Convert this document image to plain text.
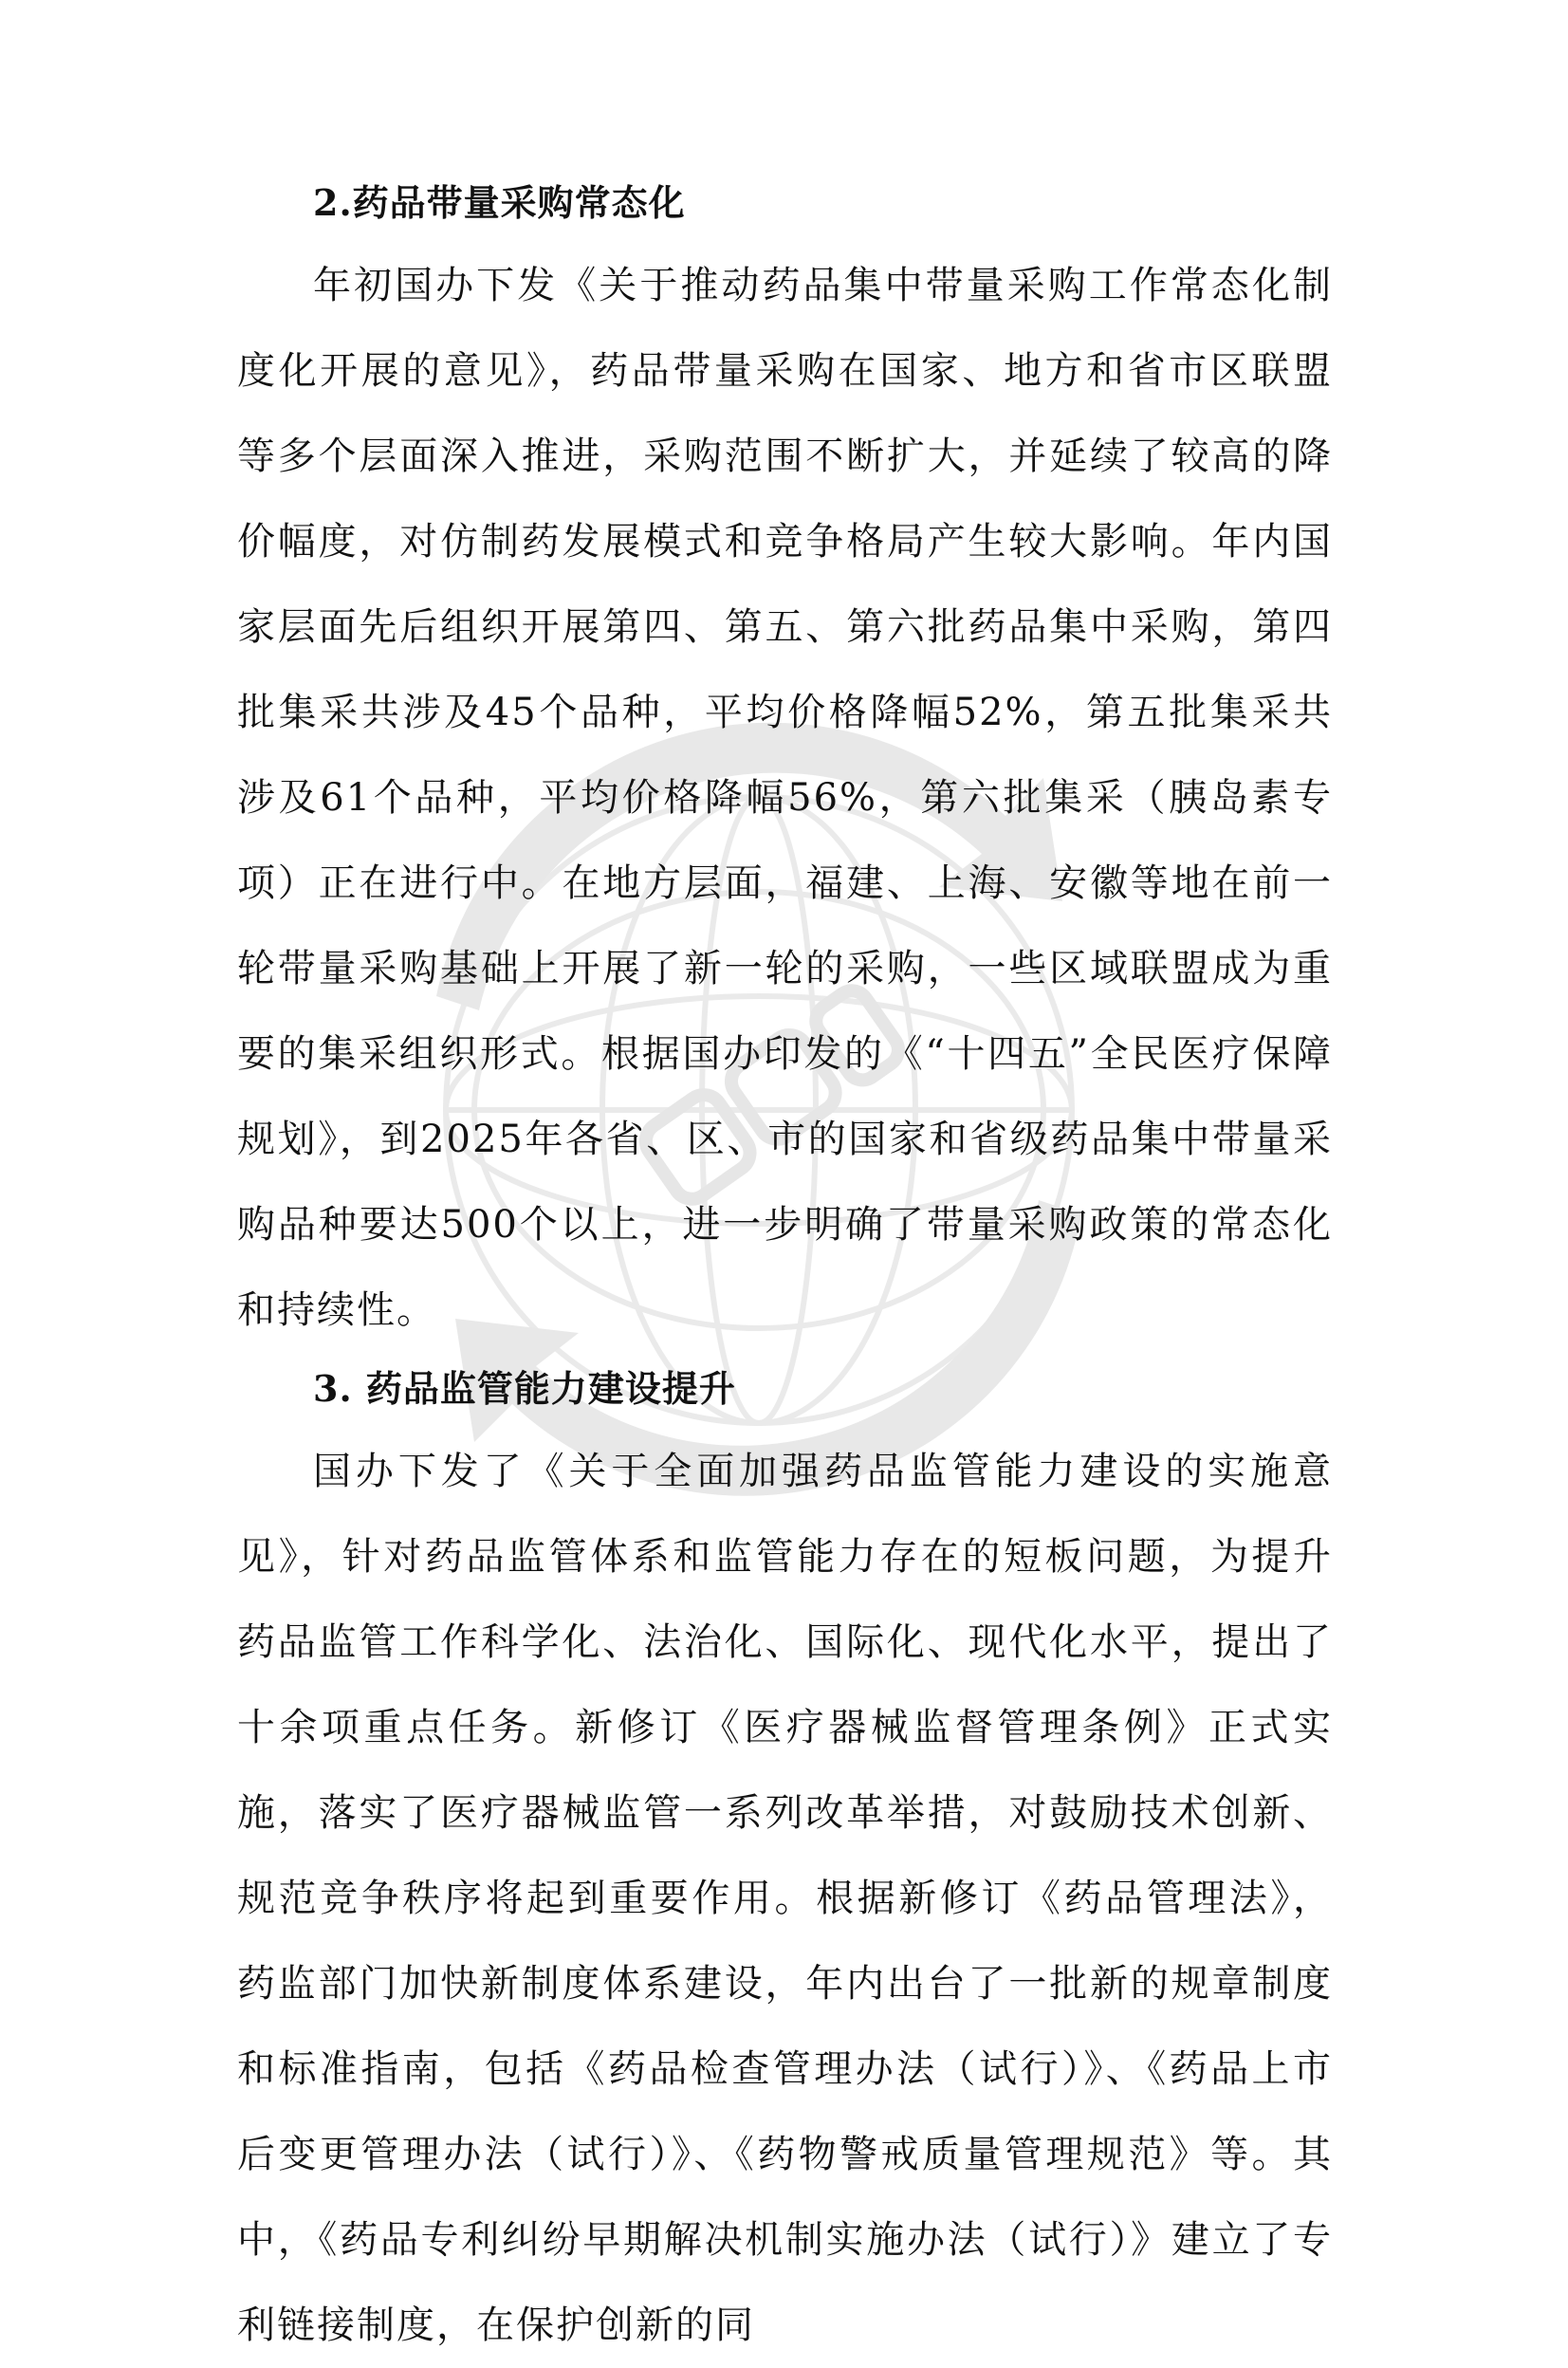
2.药品带量采购常态化

年初国办下发《关于推动药品集中带量采购工作常态化制度化开展的意见》，药品带量采购在国家、地方和省市区联盟等多个层面深入推进，采购范围不断扩大，并延续了较高的降价幅度，对仿制药发展模式和竞争格局产生较大影响。年内国家层面先后组织开展第四、第五、第六批药品集中采购，第四批集采共涉及45个品种，平均价格降幅52%，第五批集采共涉及61个品种，平均价格降幅56%，第六批集采（胰岛素专项）正在进行中。在地方层面，福建、上海、安徽等地在前一轮带量采购基础上开展了新一轮的采购，一些区域联盟成为重要的集采组织形式。根据国办印发的《“十四五”全民医疗保障规划》，到2025年各省、区、市的国家和省级药品集中带量采购品种要达500个以上，进一步明确了带量采购政策的常态化和持续性。

3. 药品监管能力建设提升

国办下发了《关于全面加强药品监管能力建设的实施意见》，针对药品监管体系和监管能力存在的短板问题，为提升药品监管工作科学化、法治化、国际化、现代化水平，提出了十余项重点任务。新修订《医疗器械监督管理条例》正式实施，落实了医疗器械监管一系列改革举措，对鼓励技术创新、规范竞争秩序将起到重要作用。根据新修订《药品管理法》，药监部门加快新制度体系建设，年内出台了一批新的规章制度和标准指南，包括《药品检查管理办法（试行）》、《药品上市后变更管理办法（试行）》、《药物警戒质量管理规范》等。其中，《药品专利纠纷早期解决机制实施办法（试行）》建立了专利链接制度，在保护创新的同
